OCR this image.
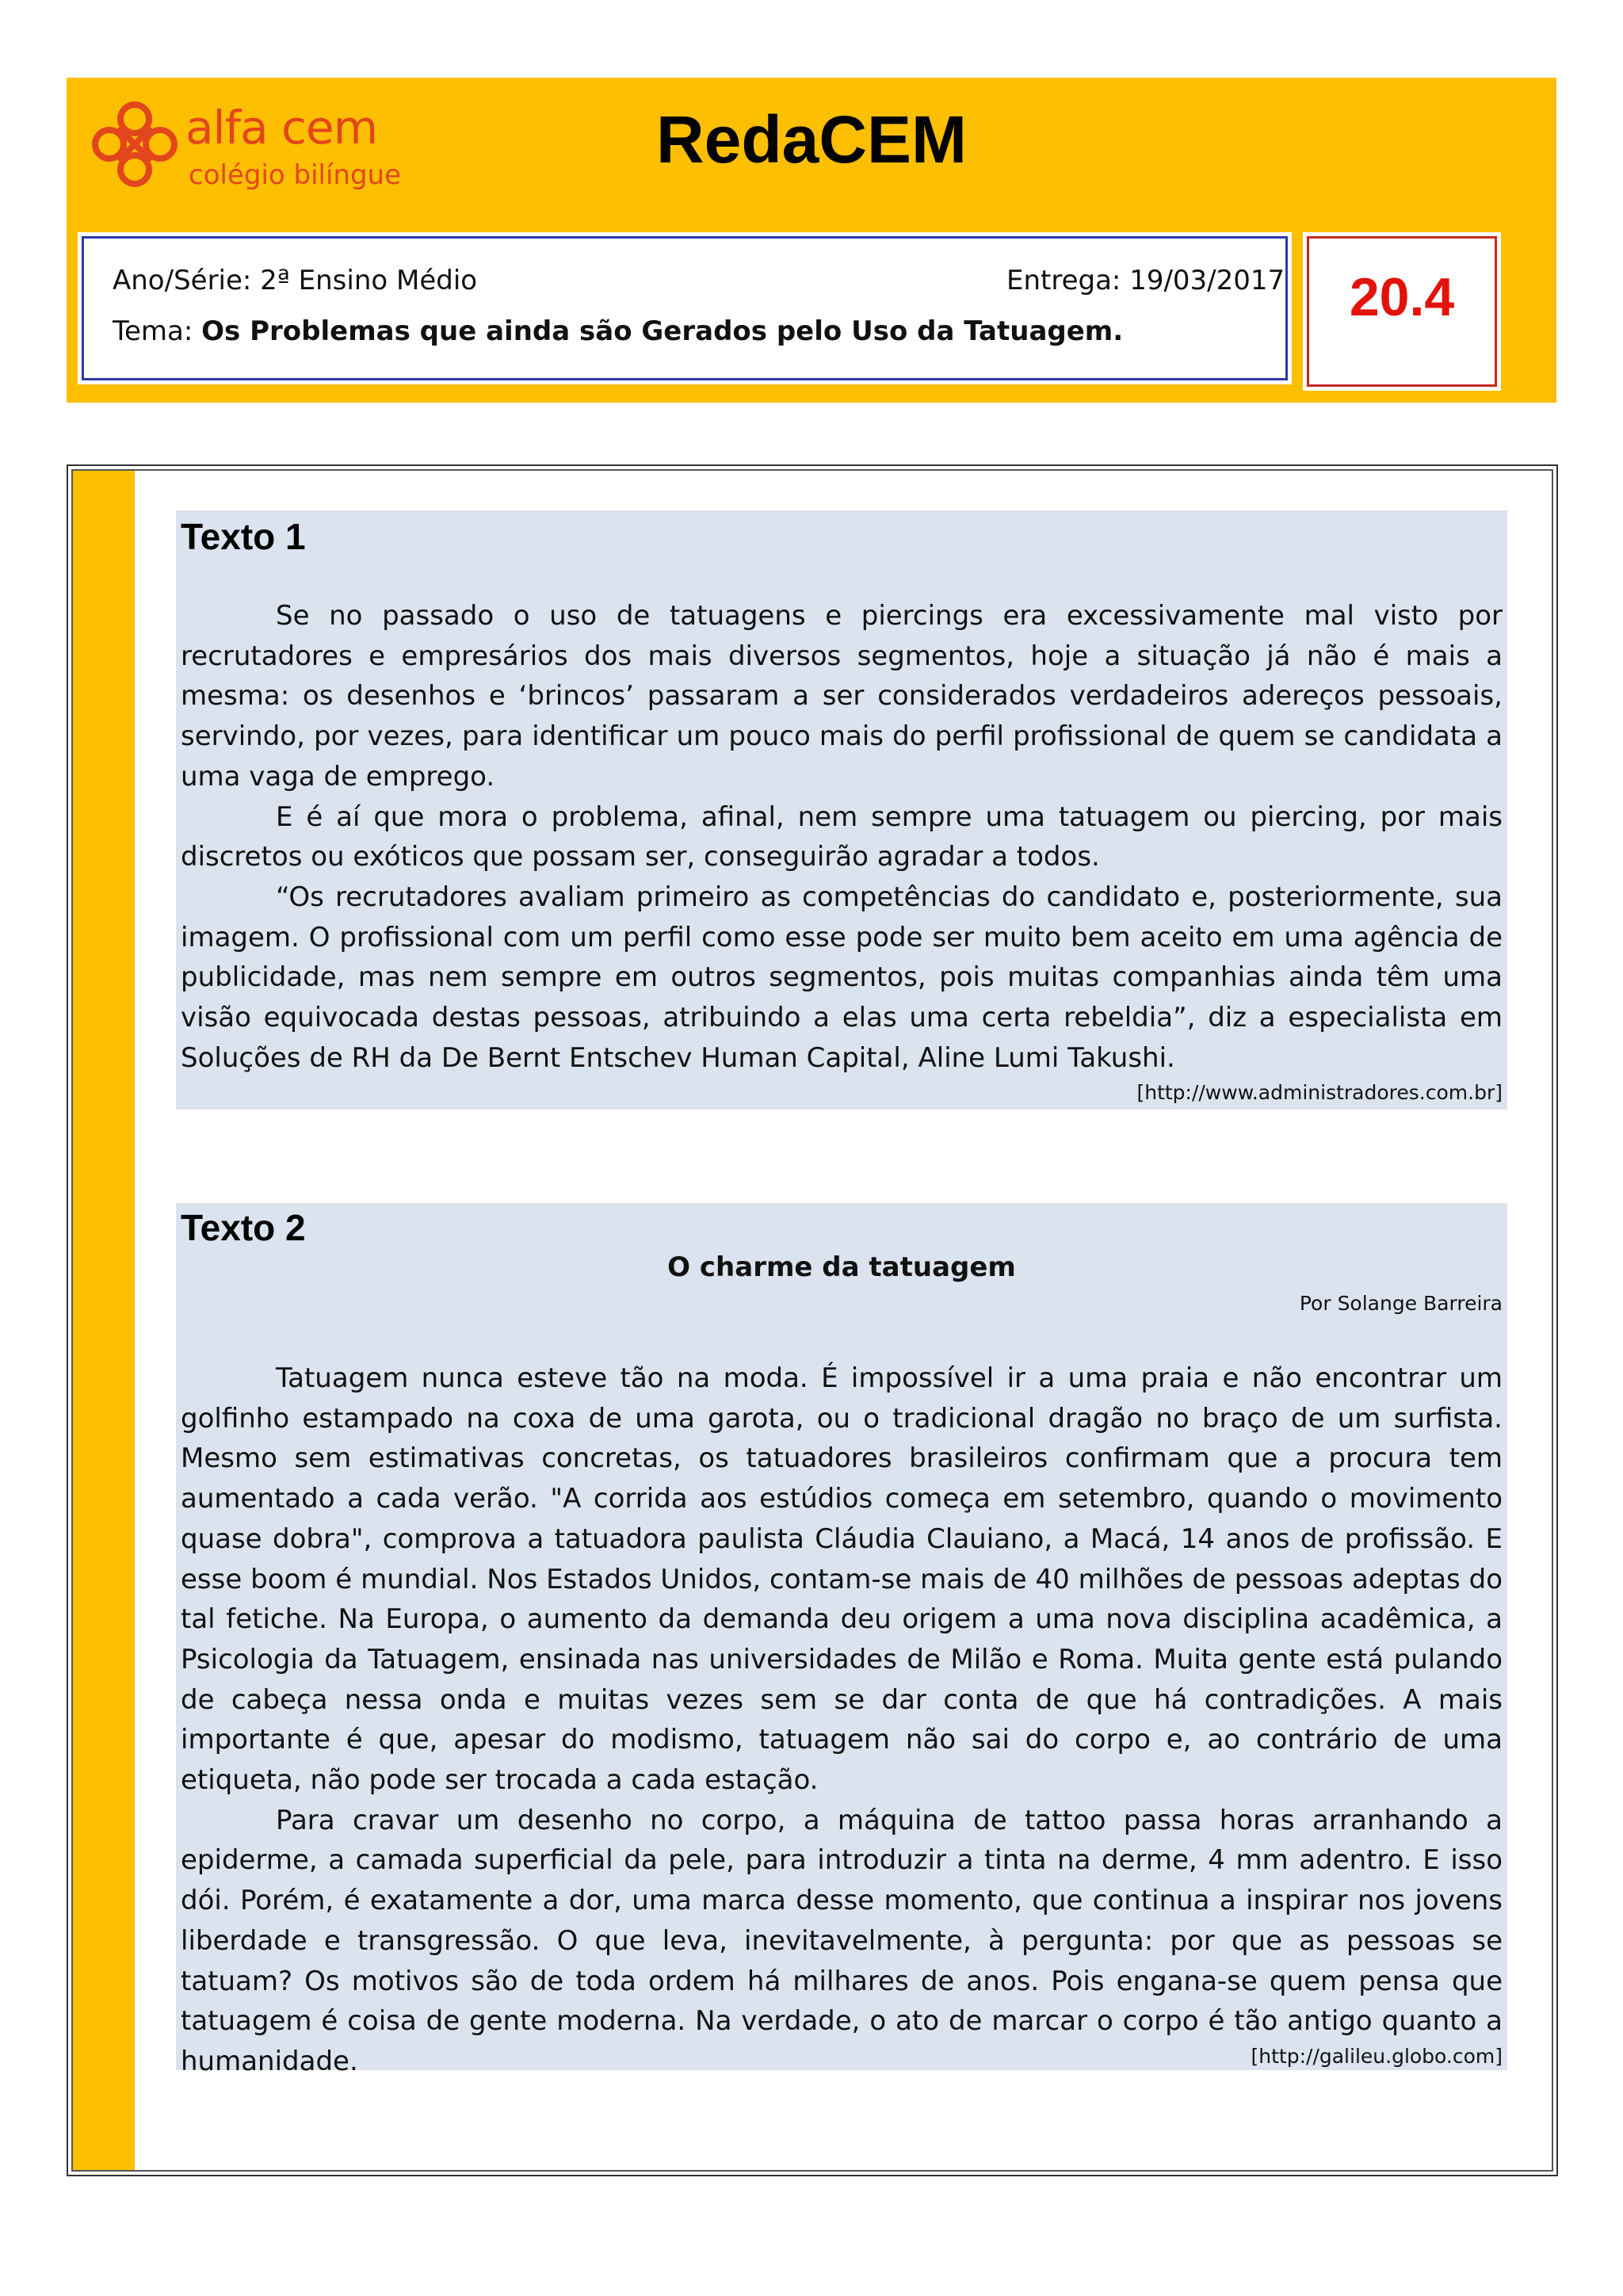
alfa cem
colégio bilíngue	RedaCEM
Ano/Série: 2ª Ensino Médio	Entrega: 19/03/2017
Tema: Os Problemas que ainda são Gerados pelo Uso da Tatuagem.
20.4
Texto 1

Se no passado o uso de tatuagens e piercings era excessivamente mal visto por recrutadores e empresários dos mais diversos segmentos, hoje a situação já não é mais a mesma: os desenhos e ‘brincos’ passaram a ser considerados verdadeiros adereços pessoais, servindo, por vezes, para identificar um pouco mais do perfil profissional de quem se candidata a uma vaga de emprego.

E é aí que mora o problema, afinal, nem sempre uma tatuagem ou piercing, por mais discretos ou exóticos que possam ser, conseguirão agradar a todos.

“Os recrutadores avaliam primeiro as competências do candidato e, posteriormente, sua imagem. O profissional com um perfil como esse pode ser muito bem aceito em uma agência de publicidade, mas nem sempre em outros segmentos, pois muitas companhias ainda têm uma visão equivocada destas pessoas, atribuindo a elas uma certa rebeldia”, diz a especialista em Soluções de RH da De Bernt Entschev Human Capital, Aline Lumi Takushi.

[http://www.administradores.com.br]
Texto 2
O charme da tatuagem
Por Solange Barreira

Tatuagem nunca esteve tão na moda. É impossível ir a uma praia e não encontrar um golfinho estampado na coxa de uma garota, ou o tradicional dragão no braço de um surfista. Mesmo sem estimativas concretas, os tatuadores brasileiros confirmam que a procura tem aumentado a cada verão. "A corrida aos estúdios começa em setembro, quando o movimento quase dobra", comprova a tatuadora paulista Cláudia Clauiano, a Macá, 14 anos de profissão. E esse boom é mundial. Nos Estados Unidos, contam-se mais de 40 milhões de pessoas adeptas do tal fetiche. Na Europa, o aumento da demanda deu origem a uma nova disciplina acadêmica, a Psicologia da Tatuagem, ensinada nas universidades de Milão e Roma. Muita gente está pulando de cabeça nessa onda e muitas vezes sem se dar conta de que há contradições. A mais importante é que, apesar do modismo, tatuagem não sai do corpo e, ao contrário de uma etiqueta, não pode ser trocada a cada estação.

Para cravar um desenho no corpo, a máquina de tattoo passa horas arranhando a epiderme, a camada superficial da pele, para introduzir a tinta na derme, 4 mm adentro. E isso dói. Porém, é exatamente a dor, uma marca desse momento, que continua a inspirar nos jovens liberdade e transgressão. O que leva, inevitavelmente, à pergunta: por que as pessoas se tatuam? Os motivos são de toda ordem há milhares de anos. Pois engana-se quem pensa que tatuagem é coisa de gente moderna. Na verdade, o ato de marcar o corpo é tão antigo quanto a humanidade.	[http://galileu.globo.com]
